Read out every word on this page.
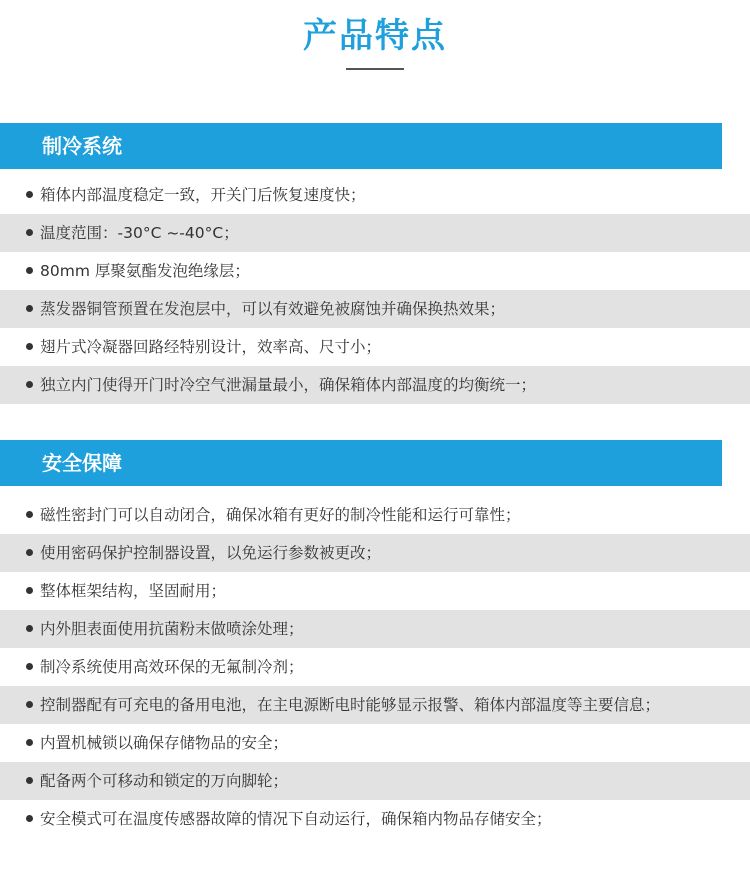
产品特点
制冷系统
箱体内部温度稳定一致，开关门后恢复速度快；
温度范围：-30°C ~-40°C；
80mm 厚聚氨酯发泡绝缘层；
蒸发器铜管预置在发泡层中，可以有效避免被腐蚀并确保换热效果；
翅片式冷凝器回路经特别设计，效率高、尺寸小；
独立内门使得开门时冷空气泄漏量最小，确保箱体内部温度的均衡统一；
安全保障
磁性密封门可以自动闭合，确保冰箱有更好的制冷性能和运行可靠性；
使用密码保护控制器设置，以免运行参数被更改；
整体框架结构，坚固耐用；
内外胆表面使用抗菌粉末做喷涂处理；
制冷系统使用高效环保的无氟制冷剂；
控制器配有可充电的备用电池，在主电源断电时能够显示报警、箱体内部温度等主要信息；
内置机械锁以确保存储物品的安全；
配备两个可移动和锁定的万向脚轮；
安全模式可在温度传感器故障的情况下自动运行，确保箱内物品存储安全；
